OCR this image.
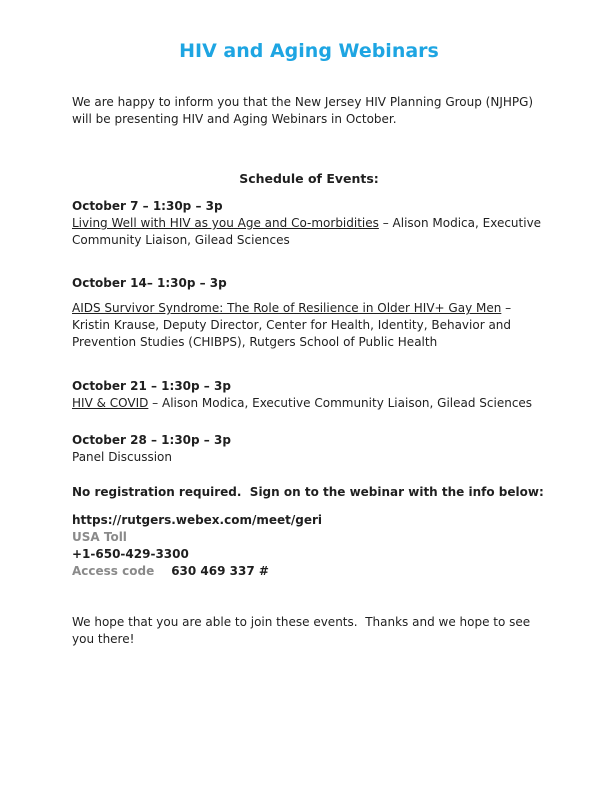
HIV and Aging Webinars

We are happy to inform you that the New Jersey HIV Planning Group (NJHPG) will be presenting HIV and Aging Webinars in October.

Schedule of Events:

October 7 – 1:30p – 3p

Living Well with HIV as you Age and Co-morbidities – Alison Modica, Executive Community Liaison, Gilead Sciences

October 14– 1:30p – 3p

AIDS Survivor Syndrome: The Role of Resilience in Older HIV+ Gay Men – Kristin Krause, Deputy Director, Center for Health, Identity, Behavior and Prevention Studies (CHIBPS), Rutgers School of Public Health

October 21 – 1:30p – 3p

HIV & COVID – Alison Modica, Executive Community Liaison, Gilead Sciences

October 28 – 1:30p – 3p

Panel Discussion

No registration required.  Sign on to the webinar with the info below:

https://rutgers.webex.com/meet/geri

USA Toll

+1-650-429-3300

Access code 630 469 337 #

We hope that you are able to join these events.  Thanks and we hope to see you there!
